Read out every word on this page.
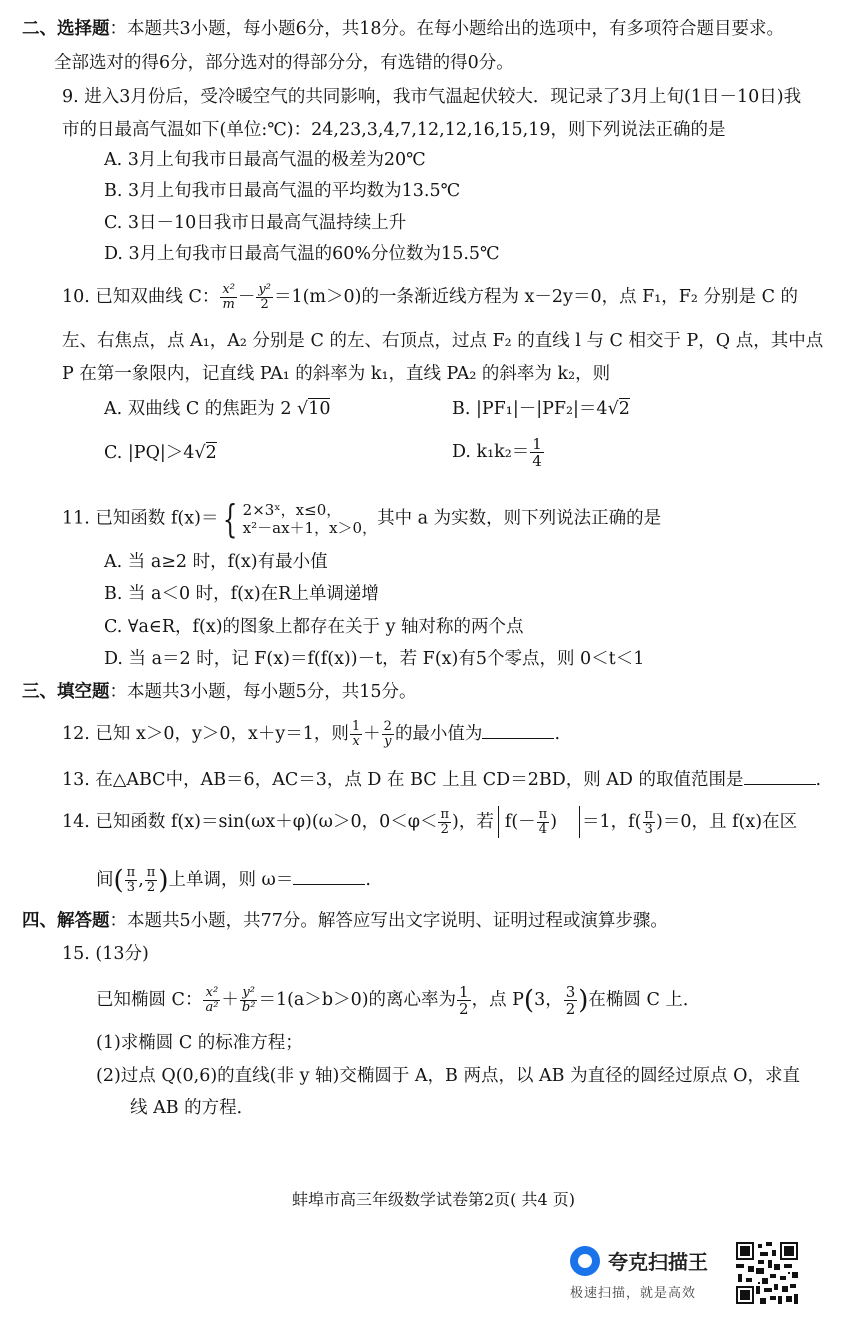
二、选择题：本题共3小题，每小题6分，共18分。在每小题给出的选项中，有多项符合题目要求。
全部选对的得6分，部分选对的得部分分，有选错的得0分。
9. 进入3月份后，受冷暖空气的共同影响，我市气温起伏较大．现记录了3月上旬(1日－10日)我
市的日最高气温如下(单位:℃)：24,23,3,4,7,12,12,16,15,19，则下列说法正确的是
A. 3月上旬我市日最高气温的极差为20℃
B. 3月上旬我市日最高气温的平均数为13.5℃
C. 3日－10日我市日最高气温持续上升
D. 3月上旬我市日最高气温的60%分位数为15.5℃
10. 已知双曲线 C： $\frac{\text{x²}}{m} - \frac{\text{y²}}{2} =1(m>0)$的一条渐近线方程为 x－2y＝0，点 F₁，F₂ 分别是 C 的
左、右焦点，点 A₁，A₂ 分别是 C 的左、右顶点，过点 F₂ 的直线 l 与 C 相交于 P，Q 点，其中点
P 在第一象限内，记直线 PA₁ 的斜率为 k₁，直线 PA₂ 的斜率为 k₂，则
A. 双曲线 C 的焦距为 2 √10	B. |PF₁|－|PF₂|＝4√2
C. |PQ|＞4√2	D. $k_1k_2= \frac{1}{4}$
11. 已知函数 f(x)＝ { 2×3ˣ，x≤0，
x²－ax＋1，x＞0， 其中 a 为实数，则下列说法正确的是
A. 当 a≥2 时，f(x)有最小值
B. 当 a＜0 时，f(x)在R上单调递增
C. ∀a∈R，f(x)的图象上都存在关于 y 轴对称的两个点
D. 当 a＝2 时，记 F(x)＝f(f(x))－t，若 F(x)有5个零点，则 0＜t＜1
三、填空题：本题共3小题，每小题5分，共15分。
12. 已知 x＞0，y＞0，x＋y＝1，则 $\frac{1}{x} + \frac{2}{y}$ 的最小值为	.
13. 在△ABC中，AB＝6，AC＝3，点 D 在 BC 上且 CD＝2BD，则 AD 的取值范围是	.
14. 已知函数 f(x)＝sin(ωx＋φ)(ω＞0，$0<\varphi< \frac{\pi}{2}$ )，若 $f(- \frac{\pi}{4}$ ) ＝1，$f( \frac{\pi}{3} )=0$，且 f(x)在区
间( $\frac{\pi}{3}$ , $\frac{\pi}{2}$ )上单调，则 ω＝	.
四、解答题：本题共5小题，共77分。解答应写出文字说明、证明过程或演算步骤。
15. (13分)
已知椭圆 C： $\frac{\text{x²}}{\text{a²}} + \frac{\text{y²}}{\text{b²}} =1(a>b>0)$的离心率为 $\frac{1}{2}$ ，点 P(3， $\frac{3}{2}$ )在椭圆 C 上．
(1)求椭圆 C 的标准方程；
(2)过点 Q(0,6)的直线(非 y 轴)交椭圆于 A，B 两点，以 AB 为直径的圆经过原点 O，求直
线 AB 的方程．
蚌埠市高三年级数学试卷第2页( 共4 页)
夸克扫描王
极速扫描，就是高效
